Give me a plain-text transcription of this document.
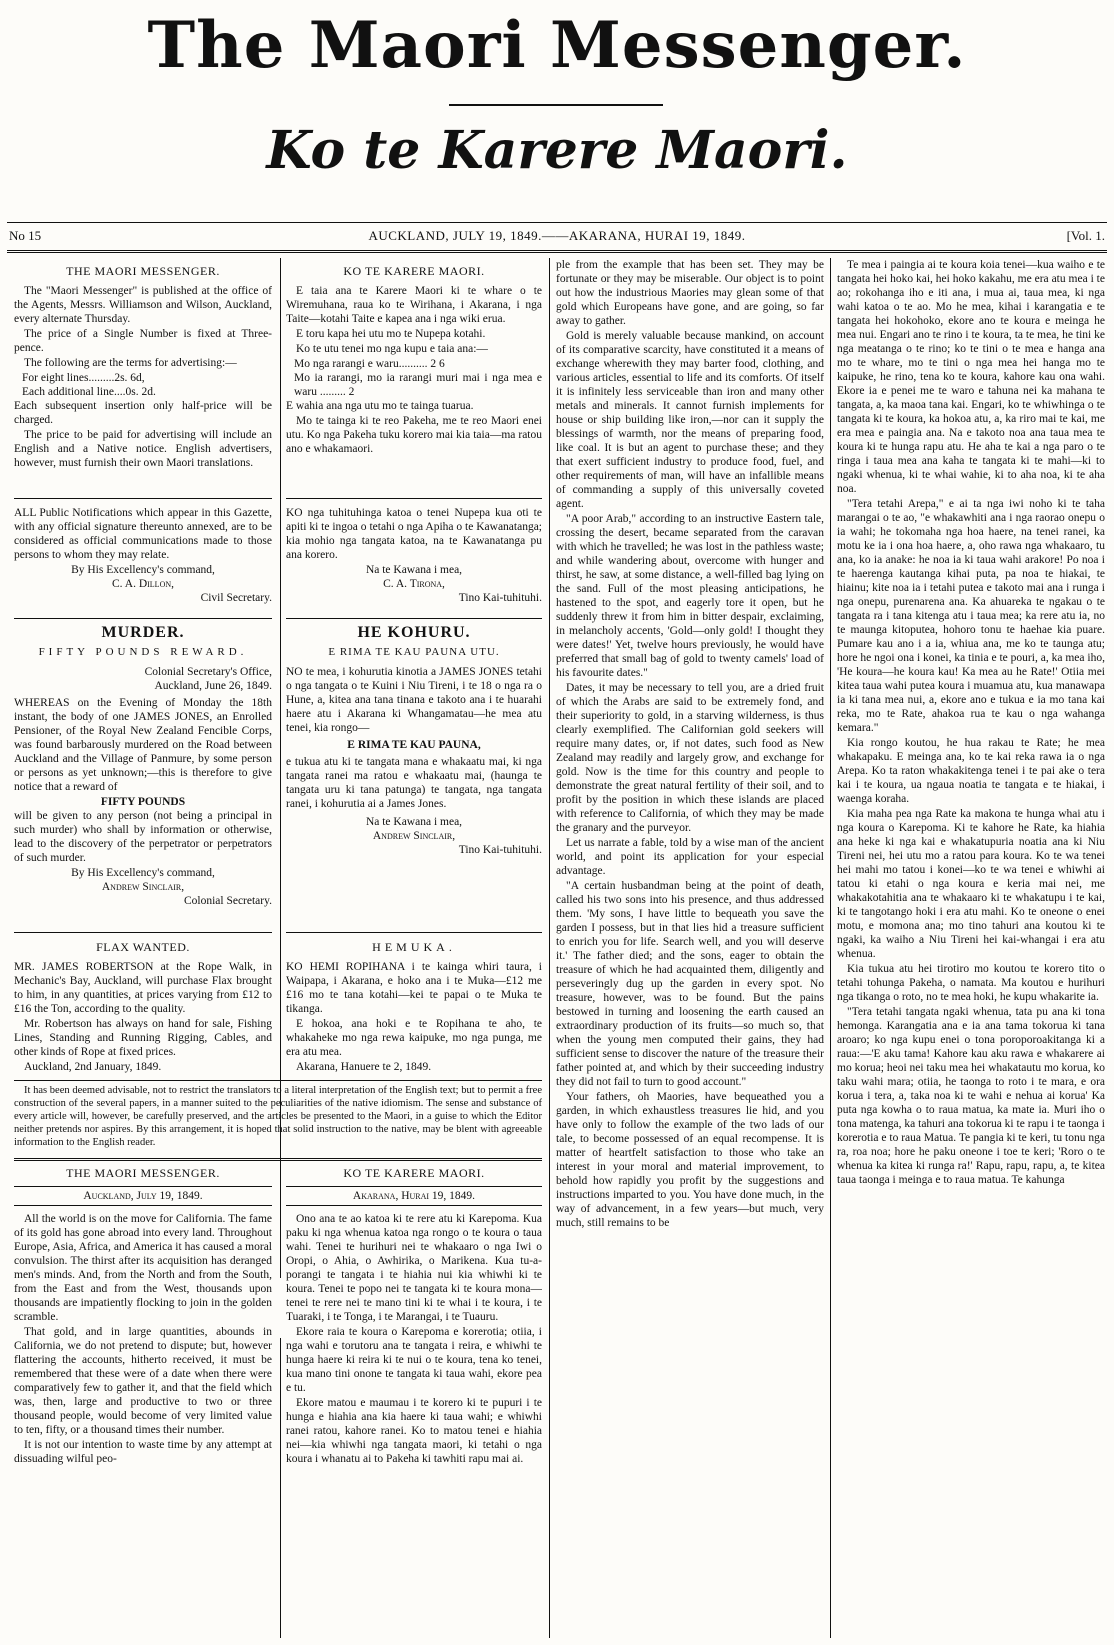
The Maori Messenger.
Ko te Karere Maori.
No 15	AUCKLAND, JULY 19, 1849.——AKARANA, HURAI 19, 1849.	[Vol. 1.
THE MAORI MESSENGER.

The "Maori Messenger" is published at the office of the Agents, Messrs. Williamson and Wilson, Auckland, every alternate Thursday.

The price of a Single Number is fixed at Three-pence.

The following are the terms for advertising:—

For eight lines.........2s. 6d,
Each additional line....0s. 2d.

Each subsequent insertion only half-price will be charged.

The price to be paid for advertising will include an English and a Native notice. English advertisers, however, must furnish their own Maori translations.

ALL Public Notifications which appear in this Gazette, with any official signature thereunto annexed, are to be considered as official communications made to those persons to whom they may relate.

By His Excellency's command,
C. A. Dillon,
Civil Secretary.
MURDER.
FIFTY POUNDS REWARD.
Colonial Secretary's Office,
Auckland, June 26, 1849.

WHEREAS on the Evening of Monday the 18th instant, the body of one JAMES JONES, an Enrolled Pensioner, of the Royal New Zealand Fencible Corps, was found barbarously murdered on the Road between Auckland and the Village of Panmure, by some person or persons as yet unknown;—this is therefore to give notice that a reward of

FIFTY POUNDS

will be given to any person (not being a principal in such murder) who shall by information or otherwise, lead to the discovery of the perpetrator or perpetrators of such murder.

By His Excellency's command,
Andrew Sinclair,
Colonial Secretary.
FLAX WANTED.

MR. JAMES ROBERTSON at the Rope Walk, in Mechanic's Bay, Auckland, will purchase Flax brought to him, in any quantities, at prices varying from £12 to £16 the Ton, according to the quality.

Mr. Robertson has always on hand for sale, Fishing Lines, Standing and Running Rigging, Cables, and other kinds of Rope at fixed prices.

Auckland, 2nd January, 1849.

KO TE KARERE MAORI.

E taia ana te Karere Maori ki te whare o te Wiremuhana, raua ko te Wirihana, i Akarana, i nga Taite—kotahi Taite e kapea ana i nga wiki erua.

E toru kapa hei utu mo te Nupepa kotahi.

Ko te utu tenei mo nga kupu e taia ana:—

Mo nga rarangi e waru.......... 2 6
Mo ia rarangi, mo ia rarangi muri mai i nga mea e waru ......... 2

E wahia ana nga utu mo te tainga tuarua.

Mo te tainga ki te reo Pakeha, me te reo Maori enei utu. Ko nga Pakeha tuku korero mai kia taia—ma ratou ano e whakamaori.

KO nga tuhituhinga katoa o tenei Nupepa kua oti te apiti ki te ingoa o tetahi o nga Apiha o te Kawanatanga; kia mohio nga tangata katoa, na te Kawanatanga pu ana korero.

Na te Kawana i mea,
C. A. Tirona,
Tino Kai-tuhituhi.
HE KOHURU.
E RIMA TE KAU PAUNA UTU.

NO te mea, i kohurutia kinotia a JAMES JONES tetahi o nga tangata o te Kuini i Niu Tireni, i te 18 o nga ra o Hune, a, kitea ana tana tinana e takoto ana i te huarahi haere atu i Akarana ki Whangamatau—he mea atu tenei, kia rongo—

E RIMA TE KAU PAUNA,

e tukua atu ki te tangata mana e whakaatu mai, ki nga tangata ranei ma ratou e whakaatu mai, (haunga te tangata uru ki tana patunga) te tangata, nga tangata ranei, i kohurutia ai a James Jones.

Na te Kawana i mea,
Andrew Sinclair,
Tino Kai-tuhituhi.
HEMUKA.

KO HEMI ROPIHANA i te kainga whiri taura, i Waipapa, i Akarana, e hoko ana i te Muka—£12 me £16 mo te tana kotahi—kei te papai o te Muka te tikanga.

E hokoa, ana hoki e te Ropihana te aho, te whakaheke mo nga rewa kaipuke, mo nga punga, me era atu mea.

Akarana, Hanuere te 2, 1849.

It has been deemed advisable, not to restrict the translators to a literal interpretation of the English text; but to permit a free construction of the several papers, in a manner suited to the peculiarities of the native idiomism. The sense and substance of every article will, however, be carefully preserved, and the articles be presented to the Maori, in a guise to which the Editor neither pretends nor aspires. By this arrangement, it is hoped that solid instruction to the native, may be blent with agreeable information to the English reader.

THE MAORI MESSENGER.
Auckland, July 19, 1849.

All the world is on the move for California. The fame of its gold has gone abroad into every land. Throughout Europe, Asia, Africa, and America it has caused a moral convulsion. The thirst after its acquisition has deranged men's minds. And, from the North and from the South, from the East and from the West, thousands upon thousands are impatiently flocking to join in the golden scramble.

That gold, and in large quantities, abounds in California, we do not pretend to dispute; but, however flattering the accounts, hitherto received, it must be remembered that these were of a date when there were comparatively few to gather it, and that the field which was, then, large and productive to two or three thousand people, would become of very limited value to ten, fifty, or a thousand times their number.

It is not our intention to waste time by any attempt at dissuading wilful peo-

KO TE KARERE MAORI.
Akarana, Hurai 19, 1849.

Ono ana te ao katoa ki te rere atu ki Karepoma. Kua paku ki nga whenua katoa nga rongo o te koura o taua wahi. Tenei te hurihuri nei te whakaaro o nga Iwi o Oropi, o Ahia, o Awhirika, o Marikena. Kua tu-a-porangi te tangata i te hiahia nui kia whiwhi ki te koura. Tenei te popo nei te tangata ki te koura mona—tenei te rere nei te mano tini ki te whai i te koura, i te Tuaraki, i te Tonga, i te Marangai, i te Tuauru.

Ekore raia te koura o Karepoma e korerotia; otiia, i nga wahi e torutoru ana te tangata i reira, e whiwhi te hunga haere ki reira ki te nui o te koura, tena ko tenei, kua mano tini onone te tangata ki taua wahi, ekore pea e tu.

Ekore matou e maumau i te korero ki te pupuri i te hunga e hiahia ana kia haere ki taua wahi; e whiwhi ranei ratou, kahore ranei. Ko to matou tenei e hiahia nei—kia whiwhi nga tangata maori, ki tetahi o nga koura i whanatu ai to Pakeha ki tawhiti rapu mai ai.

ple from the example that has been set. They may be fortunate or they may be miserable. Our object is to point out how the industrious Maories may glean some of that gold which Europeans have gone, and are going, so far away to gather.

Gold is merely valuable because mankind, on account of its comparative scarcity, have constituted it a means of exchange wherewith they may barter food, clothing, and various articles, essential to life and its comforts. Of itself it is infinitely less serviceable than iron and many other metals and minerals. It cannot furnish implements for house or ship building like iron,—nor can it supply the blessings of warmth, nor the means of preparing food, like coal. It is but an agent to purchase these; and they that exert sufficient industry to produce food, fuel, and other requirements of man, will have an infallible means of commanding a supply of this universally coveted agent.

"A poor Arab," according to an instructive Eastern tale, crossing the desert, became separated from the caravan with which he travelled; he was lost in the pathless waste; and while wandering about, overcome with hunger and thirst, he saw, at some distance, a well-filled bag lying on the sand. Full of the most pleasing anticipations, he hastened to the spot, and eagerly tore it open, but he suddenly threw it from him in bitter despair, exclaiming, in melancholy accents, 'Gold—only gold! I thought they were dates!' Yet, twelve hours previously, he would have preferred that small bag of gold to twenty camels' load of his favourite dates."

Dates, it may be necessary to tell you, are a dried fruit of which the Arabs are said to be extremely fond, and their superiority to gold, in a starving wilderness, is thus clearly exemplified. The Californian gold seekers will require many dates, or, if not dates, such food as New Zealand may readily and largely grow, and exchange for gold. Now is the time for this country and people to demonstrate the great natural fertility of their soil, and to profit by the position in which these islands are placed with reference to California, of which they may be made the granary and the purveyor.

Let us narrate a fable, told by a wise man of the ancient world, and point its application for your especial advantage.

"A certain husbandman being at the point of death, called his two sons into his presence, and thus addressed them. 'My sons, I have little to bequeath you save the garden I possess, but in that lies hid a treasure sufficient to enrich you for life. Search well, and you will deserve it.' The father died; and the sons, eager to obtain the treasure of which he had acquainted them, diligently and perseveringly dug up the garden in every spot. No treasure, however, was to be found. But the pains bestowed in turning and loosening the earth caused an extraordinary production of its fruits—so much so, that when the young men computed their gains, they had sufficient sense to discover the nature of the treasure their father pointed at, and which by their succeeding industry they did not fail to turn to good account."

Your fathers, oh Maories, have bequeathed you a garden, in which exhaustless treasures lie hid, and you have only to follow the example of the two lads of our tale, to become possessed of an equal recompense. It is matter of heartfelt satisfaction to those who take an interest in your moral and material improvement, to behold how rapidly you profit by the suggestions and instructions imparted to you. You have done much, in the way of advancement, in a few years—but much, very much, still remains to be

Te mea i paingia ai te koura koia tenei—kua waiho e te tangata hei hoko kai, hei hoko kakahu, me era atu mea i te ao; rokohanga iho e iti ana, i mua ai, taua mea, ki nga wahi katoa o te ao. Mo he mea, kihai i karangatia e te tangata hei hokohoko, ekore ano te koura e meinga he mea nui. Engari ano te rino i te koura, ta te mea, he tini ke nga meatanga o te rino; ko te tini o te mea e hanga ana mo te whare, mo te tini o nga mea hei hanga mo te kaipuke, he rino, tena ko te koura, kahore kau ona wahi. Ekore ia e penei me te waro e tahuna nei ka mahana te tangata, a, ka maoa tana kai. Engari, ko te whiwhinga o te tangata ki te koura, ka hokoa atu, a, ka riro mai te kai, me era mea e paingia ana. Na e takoto noa ana taua mea te koura ki te hunga rapu atu. He aha te kai a nga paro o te ringa i taua mea ana kaha te tangata ki te mahi—ki to ngaki whenua, ki te whai wahie, ki to aha noa, ki te aha noa.

"Tera tetahi Arepa," e ai ta nga iwi noho ki te taha marangai o te ao, "e whakawhiti ana i nga raorao onepu o ia wahi; he tokomaha nga hoa haere, na tenei ranei, ka motu ke ia i ona hoa haere, a, oho rawa nga whakaaro, tu ana, ko ia anake: he noa ia ki taua wahi arakore! Po noa i te haerenga kautanga kihai puta, pa noa te hiakai, te hiainu; kite noa ia i tetahi putea e takoto mai ana i runga i nga onepu, purenarena ana. Ka ahuareka te ngakau o te tangata ra i tana kitenga atu i taua mea; ka rere atu ia, no te maunga kitoputea, hohoro tonu te haehae kia puare. Pumare kau ano i a ia, whiua ana, me ko te taunga atu; hore he ngoi ona i konei, ka tinia e te pouri, a, ka mea iho, 'He koura—he koura kau! Ka mea au he Rate!' Otiia mei kitea taua wahi putea koura i muamua atu, kua manawapa ia ki tana mea nui, a, ekore ano e tukua e ia mo tana kai reka, mo te Rate, ahakoa rua te kau o nga wahanga kemara."

Kia rongo koutou, he hua rakau te Rate; he mea whakapaku. E meinga ana, ko te kai reka rawa ia o nga Arepa. Ko ta raton whakakitenga tenei i te pai ake o tera kai i te koura, ua ngaua noatia te tangata e te hiakai, i waenga koraha.

Kia maha pea nga Rate ka makona te hunga whai atu i nga koura o Karepoma. Ki te kahore he Rate, ka hiahia ana heke ki nga kai e whakatupuria noatia ana ki Niu Tireni nei, hei utu mo a ratou para koura. Ko te wa tenei hei mahi mo tatou i konei—ko te wa tenei e whiwhi ai tatou ki etahi o nga koura e keria mai nei, me whakakotahitia ana te whakaaro ki te whakatupu i te kai, ki te tangotango hoki i era atu mahi. Ko te oneone o enei motu, e momona ana; mo tino tahuri ana koutou ki te ngaki, ka waiho a Niu Tireni hei kai-whangai i era atu whenua.

Kia tukua atu hei tirotiro mo koutou te korero tito o tetahi tohunga Pakeha, o namata. Ma koutou e hurihuri nga tikanga o roto, no te mea hoki, he kupu whakarite ia.

"Tera tetahi tangata ngaki whenua, tata pu ana ki tona hemonga. Karangatia ana e ia ana tama tokorua ki tana aroaro; ko nga kupu enei o tona poroporoakitanga ki a raua:—'E aku tama! Kahore kau aku rawa e whakarere ai mo korua; heoi nei taku mea hei whakatautu mo korua, ko taku wahi mara; otiia, he taonga to roto i te mara, e ora korua i tera, a, taka noa ki te wahi e nehua ai korua' Ka puta nga kowha o to raua matua, ka mate ia. Muri iho o tona matenga, ka tahuri ana tokorua ki te rapu i te taonga i korerotia e to raua Matua. Te pangia ki te keri, tu tonu nga ra, roa noa; hore he paku oneone i toe te keri; 'Roro o te whenua ka kitea ki runga ra!' Rapu, rapu, rapu, a, te kitea taua taonga i meinga e to raua matua. Te kahunga
